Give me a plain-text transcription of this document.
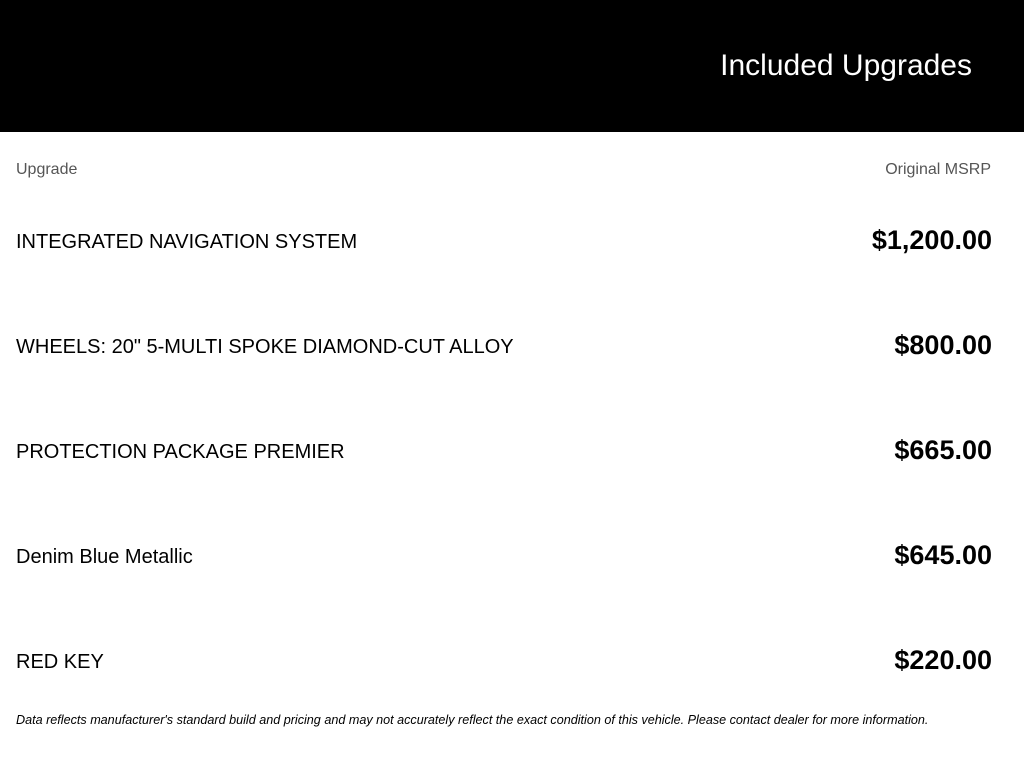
Included Upgrades
Upgrade	Original MSRP
INTEGRATED NAVIGATION SYSTEM	$1,200.00
WHEELS: 20" 5-MULTI SPOKE DIAMOND-CUT ALLOY	$800.00
PROTECTION PACKAGE PREMIER	$665.00
Denim Blue Metallic	$645.00
RED KEY	$220.00
Data reflects manufacturer's standard build and pricing and may not accurately reflect the exact condition of this vehicle. Please contact dealer for more information.
